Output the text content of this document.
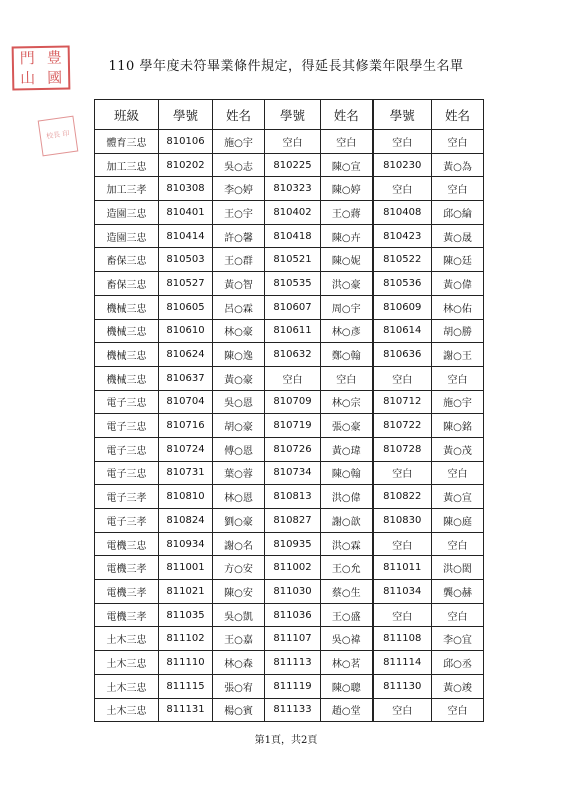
門 豊
山 國
校長 印
110 學年度未符畢業條件規定，得延長其修業年限學生名單
班級	學號	姓名	學號	姓名	學號	姓名
體育三忠	810106	施○宇	空白	空白	空白	空白
加工三忠	810202	吳○志	810225	陳○宣	810230	黃○為
加工三孝	810308	李○婷	810323	陳○婷	空白	空白
造園三忠	810401	王○宇	810402	王○蔣	810408	邱○綸
造園三忠	810414	許○馨	810418	陳○卉	810423	黃○晟
畜保三忠	810503	王○群	810521	陳○妮	810522	陳○廷
畜保三忠	810527	黃○智	810535	洪○豪	810536	黃○偉
機械三忠	810605	呂○霖	810607	周○宇	810609	林○佑
機械三忠	810610	林○豪	810611	林○彥	810614	胡○勝
機械三忠	810624	陳○逸	810632	鄭○翰	810636	謝○王
機械三忠	810637	黃○豪	空白	空白	空白	空白
電子三忠	810704	吳○恩	810709	林○宗	810712	施○宇
電子三忠	810716	胡○豪	810719	張○豪	810722	陳○銘
電子三忠	810724	傅○恩	810726	黃○瑋	810728	黃○茂
電子三忠	810731	葉○蓉	810734	陳○翰	空白	空白
電子三孝	810810	林○恩	810813	洪○偉	810822	黃○宣
電子三孝	810824	劉○豪	810827	謝○歆	810830	陳○庭
電機三忠	810934	謝○名	810935	洪○霖	空白	空白
電機三孝	811001	方○安	811002	王○允	811011	洪○閎
電機三孝	811021	陳○安	811030	蔡○生	811034	龔○赫
電機三孝	811035	吳○凱	811036	王○盛	空白	空白
土木三忠	811102	王○嘉	811107	吳○褘	811108	李○宜
土木三忠	811110	林○森	811113	林○茗	811114	邱○丞
土木三忠	811115	張○宥	811119	陳○聰	811130	黃○竣
土木三忠	811131	楊○賓	811133	趙○堂	空白	空白
第1頁，共2頁
